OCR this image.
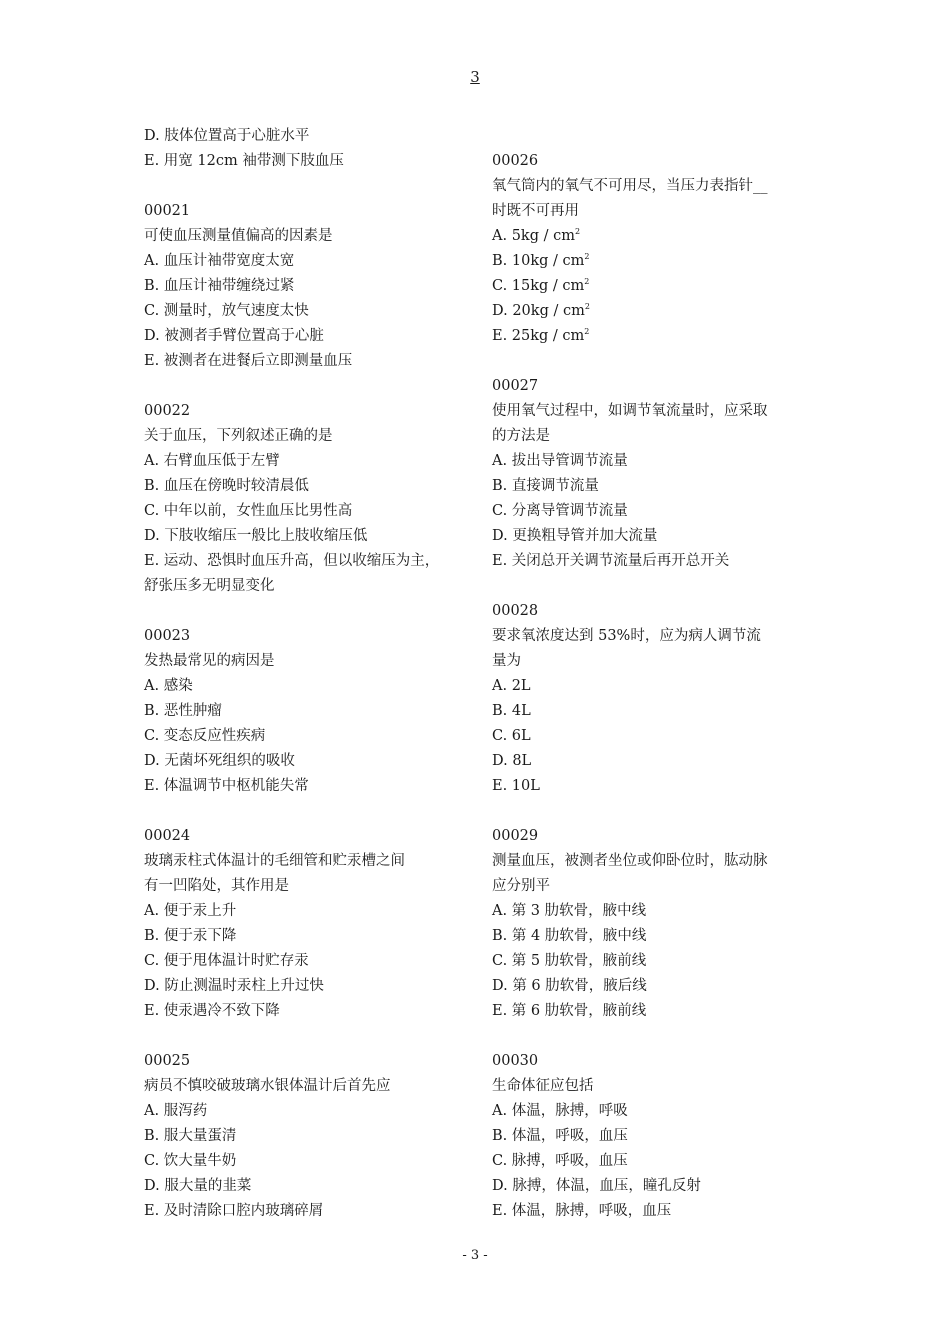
3
D. 肢体位置高于心脏水平
E. 用宽 12cm 袖带测下肢血压
00021
可使血压测量值偏高的因素是
A. 血压计袖带宽度太宽
B. 血压计袖带缠绕过紧
C. 测量时，放气速度太快
D. 被测者手臂位置高于心脏
E. 被测者在进餐后立即测量血压
00022
关于血压，下列叙述正确的是
A. 右臂血压低于左臂
B. 血压在傍晚时较清晨低
C. 中年以前，女性血压比男性高
D. 下肢收缩压一般比上肢收缩压低
E. 运动、恐惧时血压升高，但以收缩压为主，
舒张压多无明显变化
00023
发热最常见的病因是
A. 感染
B. 恶性肿瘤
C. 变态反应性疾病
D. 无菌坏死组织的吸收
E. 体温调节中枢机能失常
00024
玻璃汞柱式体温计的毛细管和贮汞槽之间
有一凹陷处，其作用是
A. 便于汞上升
B. 便于汞下降
C. 便于甩体温计时贮存汞
D. 防止测温时汞柱上升过快
E. 使汞遇冷不致下降
00025
病员不慎咬破玻璃水银体温计后首先应
A. 服泻药
B. 服大量蛋清
C. 饮大量牛奶
D. 服大量的韭菜
E. 及时清除口腔内玻璃碎屑
00026
氧气筒内的氧气不可用尽，当压力表指针__
时既不可再用
A. $5kg / cm^2$
B. $10kg / cm^2$
C. $15kg / cm^2$
D. $20kg / cm^2$
E. $25kg / cm^2$
00027
使用氧气过程中，如调节氧流量时，应采取
的方法是
A. 拔出导管调节流量
B. 直接调节流量
C. 分离导管调节流量
D. 更换粗导管并加大流量
E. 关闭总开关调节流量后再开总开关
00028
要求氧浓度达到 53%时，应为病人调节流
量为
A. 2L
B. 4L
C. 6L
D. 8L
E. 10L
00029
测量血压，被测者坐位或仰卧位时，肱动脉
应分别平
A. 第 3 肋软骨，腋中线
B. 第 4 肋软骨，腋中线
C. 第 5 肋软骨，腋前线
D. 第 6 肋软骨，腋后线
E. 第 6 肋软骨，腋前线
00030
生命体征应包括
A. 体温，脉搏，呼吸
B. 体温，呼吸，血压
C. 脉搏，呼吸，血压
D. 脉搏，体温，血压，瞳孔反射
E. 体温，脉搏，呼吸，血压
- 3 -
